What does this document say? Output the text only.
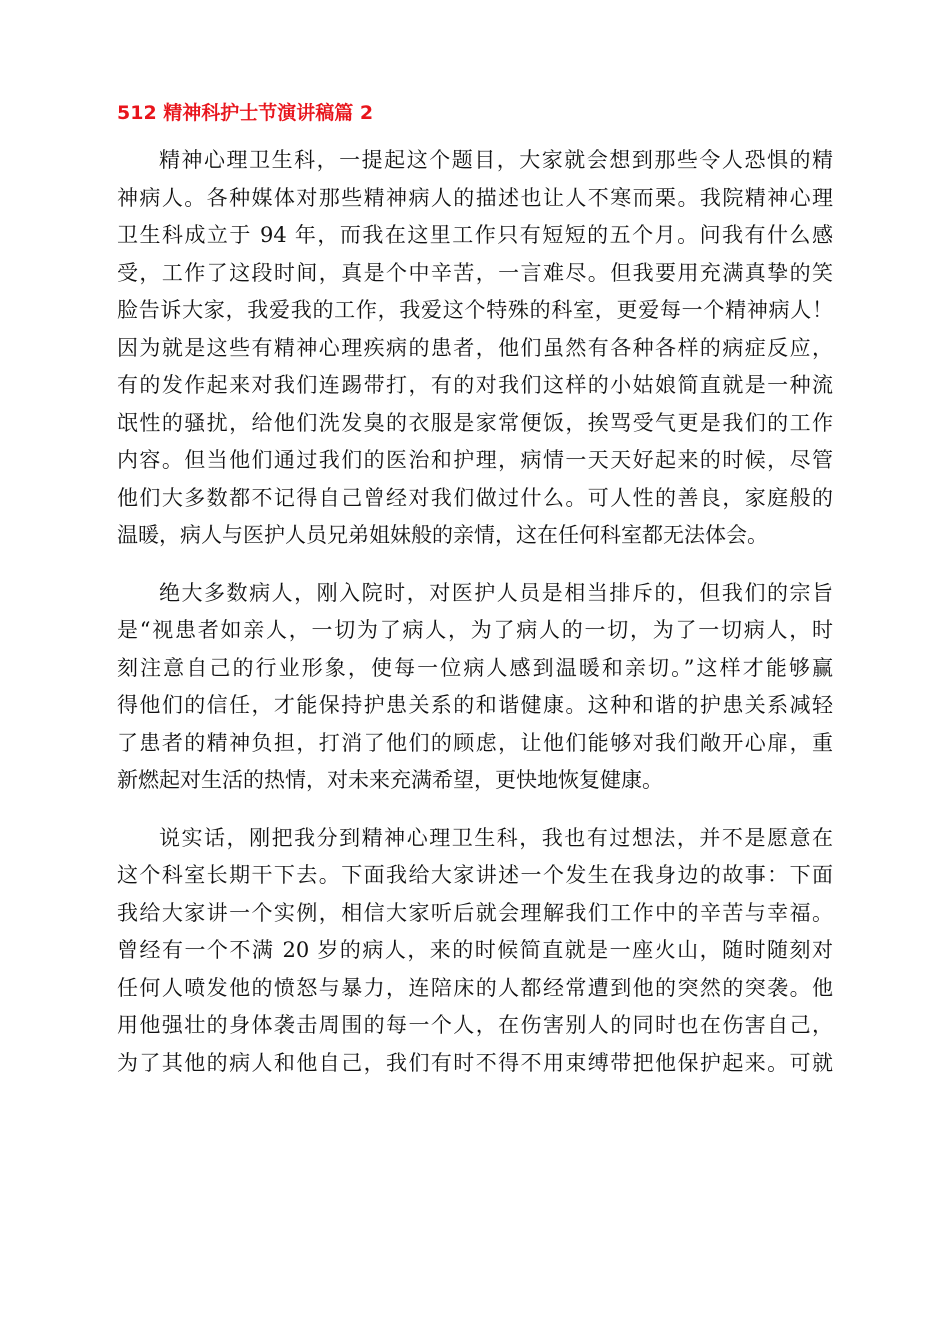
512 精神科护士节演讲稿篇 2
精神心理卫生科，一提起这个题目，大家就会想到那些令人恐惧的精
神病人。各种媒体对那些精神病人的描述也让人不寒而栗。我院精神心理
卫生科成立于 94 年，而我在这里工作只有短短的五个月。问我有什么感
受，工作了这段时间，真是个中辛苦，一言难尽。但我要用充满真挚的笑
脸告诉大家，我爱我的工作，我爱这个特殊的科室，更爱每一个精神病人！
因为就是这些有精神心理疾病的患者，他们虽然有各种各样的病症反应，
有的发作起来对我们连踢带打，有的对我们这样的小姑娘简直就是一种流
氓性的骚扰，给他们洗发臭的衣服是家常便饭，挨骂受气更是我们的工作
内容。但当他们通过我们的医治和护理，病情一天天好起来的时候，尽管
他们大多数都不记得自己曾经对我们做过什么。可人性的善良，家庭般的
温暖，病人与医护人员兄弟姐妹般的亲情，这在任何科室都无法体会。
绝大多数病人，刚入院时，对医护人员是相当排斥的，但我们的宗旨
是“视患者如亲人，一切为了病人，为了病人的一切，为了一切病人，时
刻注意自己的行业形象，使每一位病人感到温暖和亲切。”这样才能够赢
得他们的信任，才能保持护患关系的和谐健康。这种和谐的护患关系减轻
了患者的精神负担，打消了他们的顾虑，让他们能够对我们敞开心扉，重
新燃起对生活的热情，对未来充满希望，更快地恢复健康。
说实话，刚把我分到精神心理卫生科，我也有过想法，并不是愿意在
这个科室长期干下去。下面我给大家讲述一个发生在我身边的故事：下面
我给大家讲一个实例，相信大家听后就会理解我们工作中的辛苦与幸福。
曾经有一个不满 20 岁的病人，来的时候简直就是一座火山，随时随刻对
任何人喷发他的愤怒与暴力，连陪床的人都经常遭到他的突然的突袭。他
用他强壮的身体袭击周围的每一个人，在伤害别人的同时也在伤害自己，
为了其他的病人和他自己，我们有时不得不用束缚带把他保护起来。可就
